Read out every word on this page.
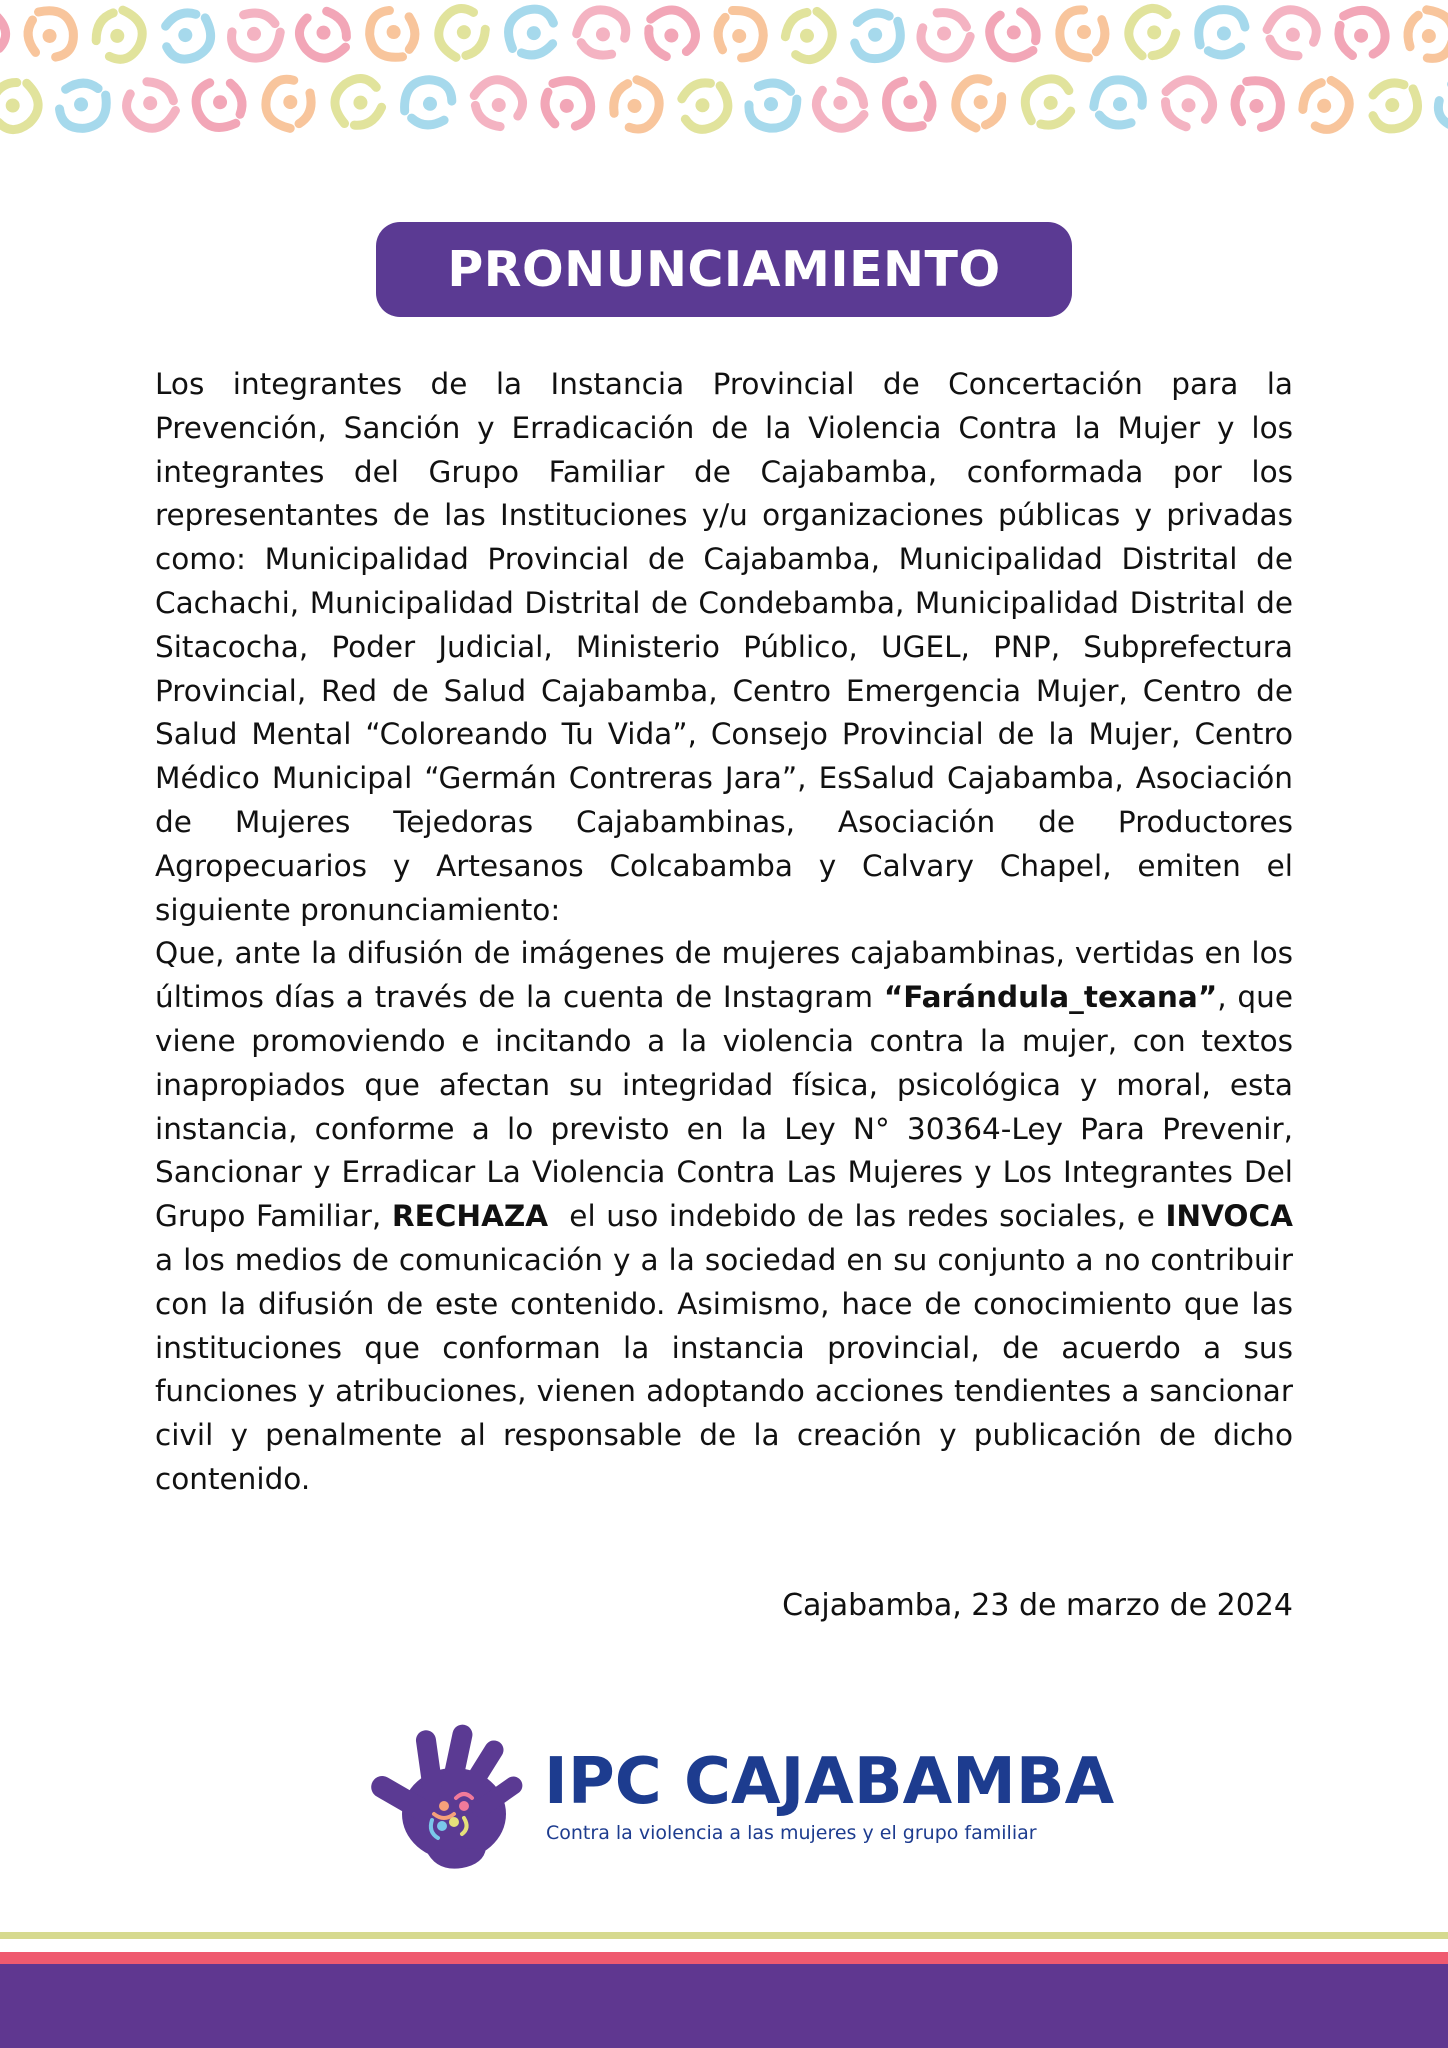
PRONUNCIAMIENTO

Los integrantes de la Instancia Provincial de Concertación para la Prevención, Sanción y Erradicación de la Violencia Contra la Mujer y los integrantes del Grupo Familiar de Cajabamba, conformada por los representantes de las Instituciones y/u organizaciones públicas y privadas como: Municipalidad Provincial de Cajabamba, Municipalidad Distrital de Cachachi, Municipalidad Distrital de Condebamba, Municipalidad Distrital de Sitacocha, Poder Judicial, Ministerio Público, UGEL, PNP, Subprefectura Provincial, Red de Salud Cajabamba, Centro Emergencia Mujer, Centro de Salud Mental “Coloreando Tu Vida”, Consejo Provincial de la Mujer, Centro Médico Municipal “Germán Contreras Jara”, EsSalud Cajabamba, Asociación de Mujeres Tejedoras Cajabambinas, Asociación de Productores Agropecuarios y Artesanos Colcabamba y Calvary Chapel, emiten el siguiente pronunciamiento:

Que, ante la difusión de imágenes de mujeres cajabambinas, vertidas en los últimos días a través de la cuenta de Instagram “Farándula_texana”, que viene promoviendo e incitando a la violencia contra la mujer, con textos inapropiados que afectan su integridad física, psicológica y moral, esta instancia, conforme a lo previsto en la Ley N° 30364-Ley Para Prevenir, Sancionar y Erradicar La Violencia Contra Las Mujeres y Los Integrantes Del Grupo Familiar, RECHAZA  el uso indebido de las redes sociales, e INVOCA a los medios de comunicación y a la sociedad en su conjunto a no contribuir con la difusión de este contenido. Asimismo, hace de conocimiento que las instituciones que conforman la instancia provincial, de acuerdo a sus funciones y atribuciones, vienen adoptando acciones tendientes a sancionar civil y penalmente al responsable de la creación y publicación de dicho contenido.

Cajabamba, 23 de marzo de 2024
IPC CAJABAMBA
Contra la violencia a las mujeres y el grupo familiar
